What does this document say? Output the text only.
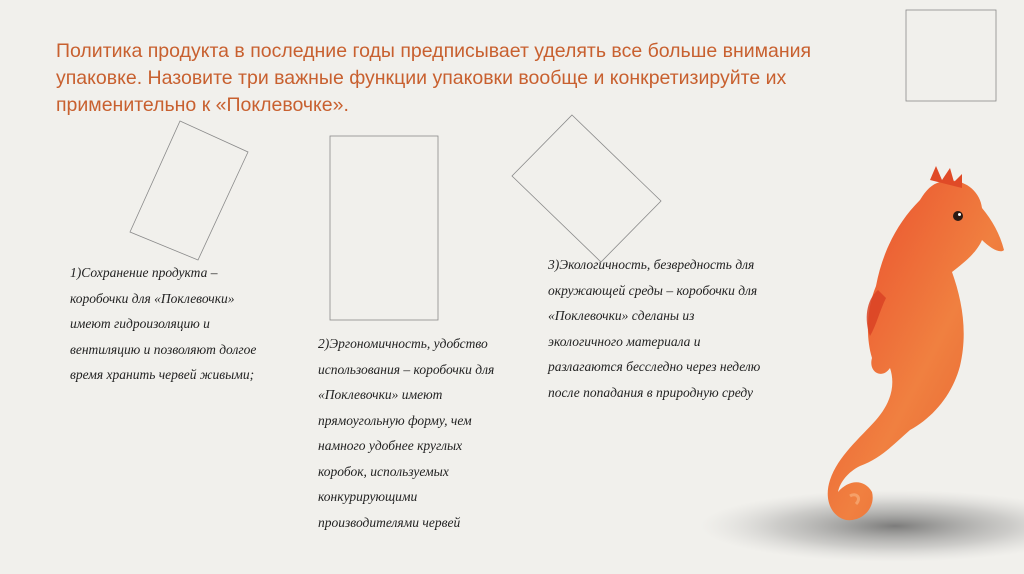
Политика продукта в последние годы предписывает уделять все больше внимания
упаковке. Назовите три важные функции упаковки вообще и конкретизируйте их
применительно к «Поклевочке».
1)Сохранение продукта –
коробочки для «Поклевочки»
имеют гидроизоляцию и
вентиляцию и позволяют долгое
время хранить червей живыми;
2)Эргономичность, удобство
использования – коробочки для
«Поклевочки» имеют
прямоугольную форму, чем
намного удобнее круглых
коробок, используемых
конкурирующими
производителями червей
3)Экологичность, безвредность для
окружающей среды – коробочки для
«Поклевочки» сделаны из
экологичного материала и
разлагаются бесследно через неделю
после попадания в природную среду
